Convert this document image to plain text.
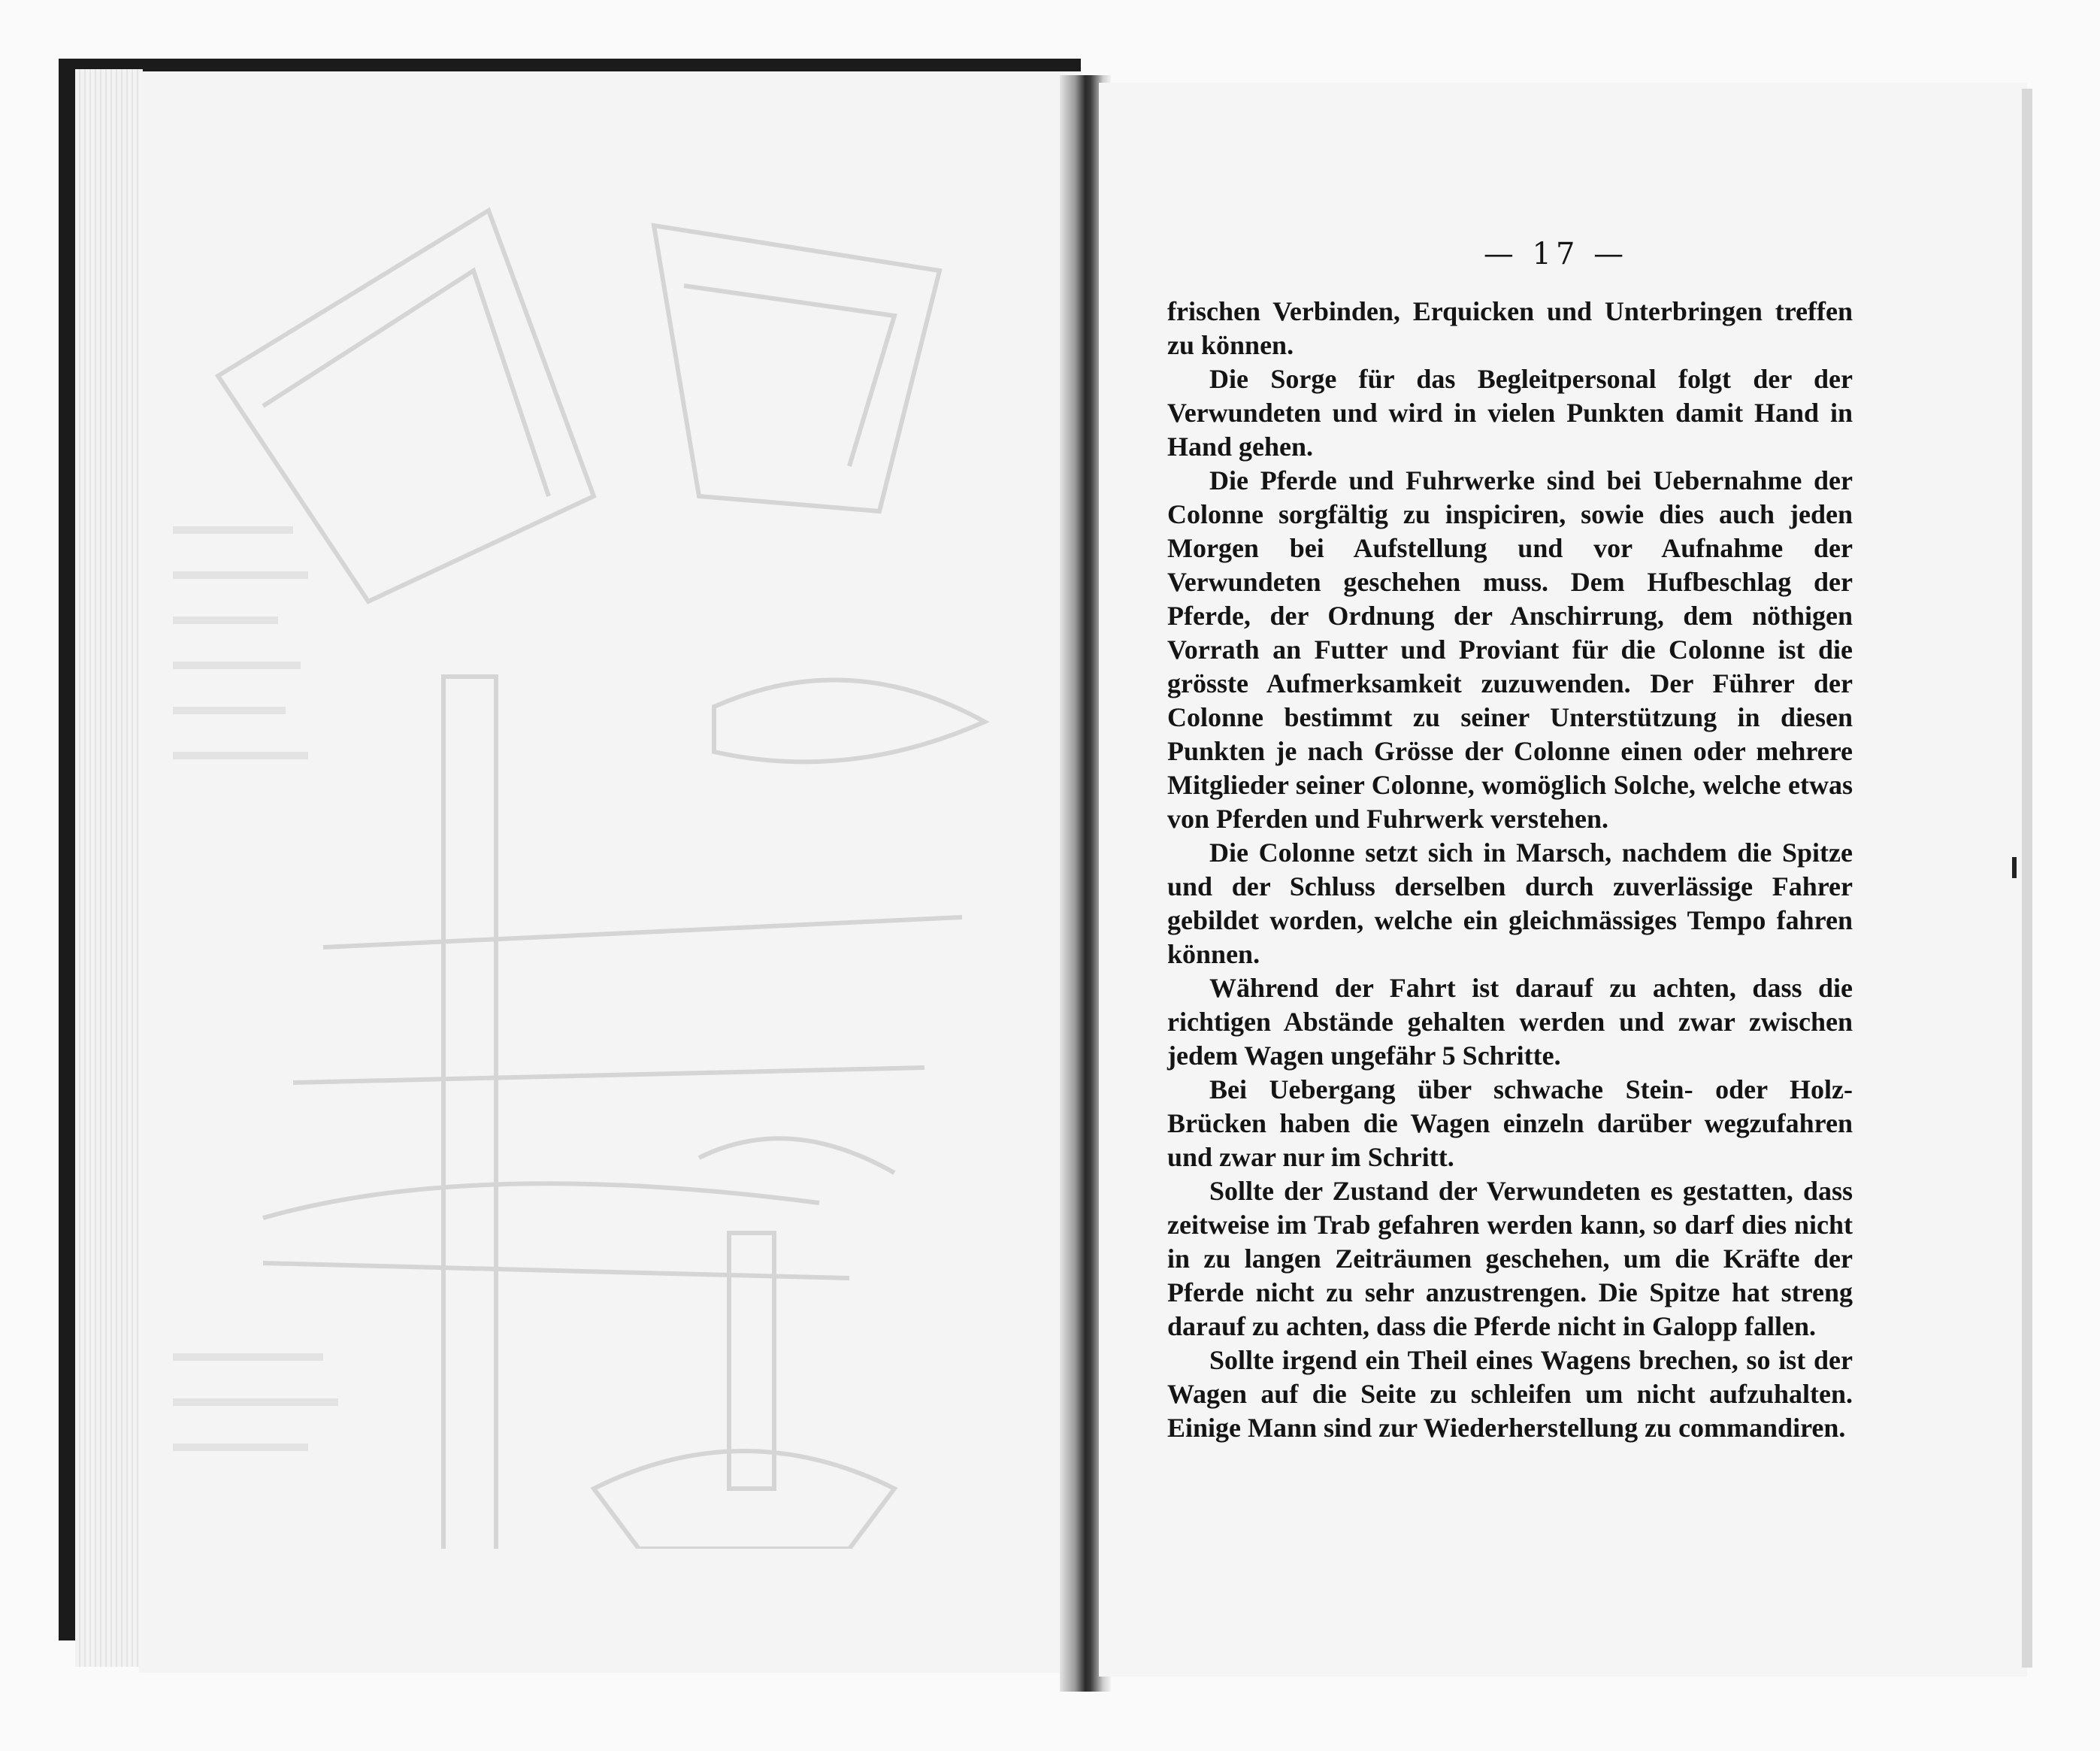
— 17 —

frischen Verbinden, Erquicken und Unterbringen treffen zu können.

Die Sorge für das Begleitpersonal folgt der der Verwundeten und wird in vielen Punkten damit Hand in Hand gehen.

Die Pferde und Fuhrwerke sind bei Uebernahme der Colonne sorgfältig zu inspiciren, sowie dies auch jeden Morgen bei Aufstellung und vor Aufnahme der Verwundeten geschehen muss. Dem Hufbeschlag der Pferde, der Ordnung der Anschirrung, dem nöthigen Vorrath an Futter und Proviant für die Colonne ist die grösste Aufmerksamkeit zuzuwenden. Der Führer der Colonne bestimmt zu seiner Unterstützung in diesen Punkten je nach Grösse der Colonne einen oder mehrere Mitglieder seiner Colonne, womöglich Solche, welche etwas von Pferden und Fuhrwerk verstehen.

Die Colonne setzt sich in Marsch, nachdem die Spitze und der Schluss derselben durch zuverlässige Fahrer gebildet worden, welche ein gleichmässiges Tempo fahren können.

Während der Fahrt ist darauf zu achten, dass die richtigen Abstände gehalten werden und zwar zwischen jedem Wagen ungefähr 5 Schritte.

Bei Uebergang über schwache Stein- oder Holz-Brücken haben die Wagen einzeln darüber wegzufahren und zwar nur im Schritt.

Sollte der Zustand der Verwundeten es gestatten, dass zeitweise im Trab gefahren werden kann, so darf dies nicht in zu langen Zeiträumen geschehen, um die Kräfte der Pferde nicht zu sehr anzustrengen. Die Spitze hat streng darauf zu achten, dass die Pferde nicht in Galopp fallen.

Sollte irgend ein Theil eines Wagens brechen, so ist der Wagen auf die Seite zu schleifen um nicht aufzuhalten. Einige Mann sind zur Wiederherstellung zu commandiren.
